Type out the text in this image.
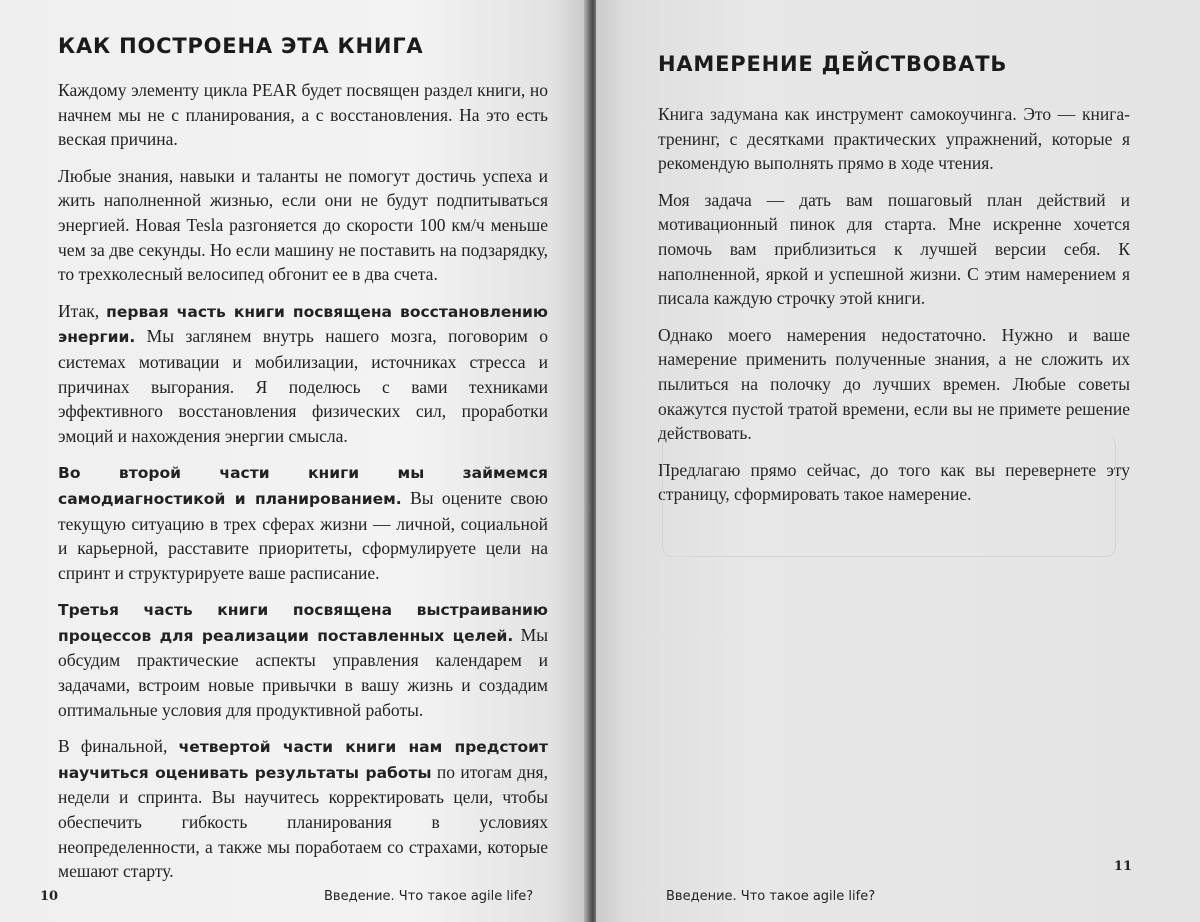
КАК ПОСТРОЕНА ЭТА КНИГА

Каждому элементу цикла PEAR будет посвящен раздел книги, но начнем мы не с планирования, а с восстановления. На это есть веская причина.

Любые знания, навыки и таланты не помогут достичь успеха и жить наполненной жизнью, если они не будут подпитываться энергией. Новая Tesla разгоняется до скорости 100 км/ч меньше чем за две секунды. Но если машину не поставить на подзарядку, то трехколесный велосипед обгонит ее в два счета.

Итак, первая часть книги посвящена восстановлению энергии. Мы заглянем внутрь нашего мозга, поговорим о системах мотивации и мобилизации, источниках стресса и причинах выгорания. Я поделюсь с вами техниками эффективного восстановления физических сил, проработки эмоций и нахождения энергии смысла.

Во второй части книги мы займемся самодиагностикой и планированием. Вы оцените свою текущую ситуацию в трех сферах жизни — личной, социальной и карьерной, расставите приоритеты, сформулируете цели на спринт и структурируете ваше расписание.

Третья часть книги посвящена выстраиванию процессов для реализации поставленных целей. Мы обсудим практические аспекты управления календарем и задачами, встроим новые привычки в вашу жизнь и создадим оптимальные условия для продуктивной работы.

В финальной, четвертой части книги нам предстоит научиться оценивать результаты работы по итогам дня, недели и спринта. Вы научитесь корректировать цели, чтобы обеспечить гибкость планирования в условиях неопределенности, а также мы поработаем со страхами, которые мешают старту.

10	Введение. Что такое agile life?
НАМЕРЕНИЕ ДЕЙСТВОВАТЬ

Книга задумана как инструмент самокоучинга. Это — книга-тренинг, с десятками практических упражнений, которые я рекомендую выполнять прямо в ходе чтения.

Моя задача — дать вам пошаговый план действий и мотивационный пинок для старта. Мне искренне хочется помочь вам приблизиться к лучшей версии себя. К наполненной, яркой и успешной жизни. С этим намерением я писала каждую строчку этой книги.

Однако моего намерения недостаточно. Нужно и ваше намерение применить полученные знания, а не сложить их пылиться на полочку до лучших времен. Любые советы окажутся пустой тратой времени, если вы не примете решение действовать.

Предлагаю прямо сейчас, до того как вы перевернете эту страницу, сформировать такое намерение.

Введение. Что такое agile life?
11
